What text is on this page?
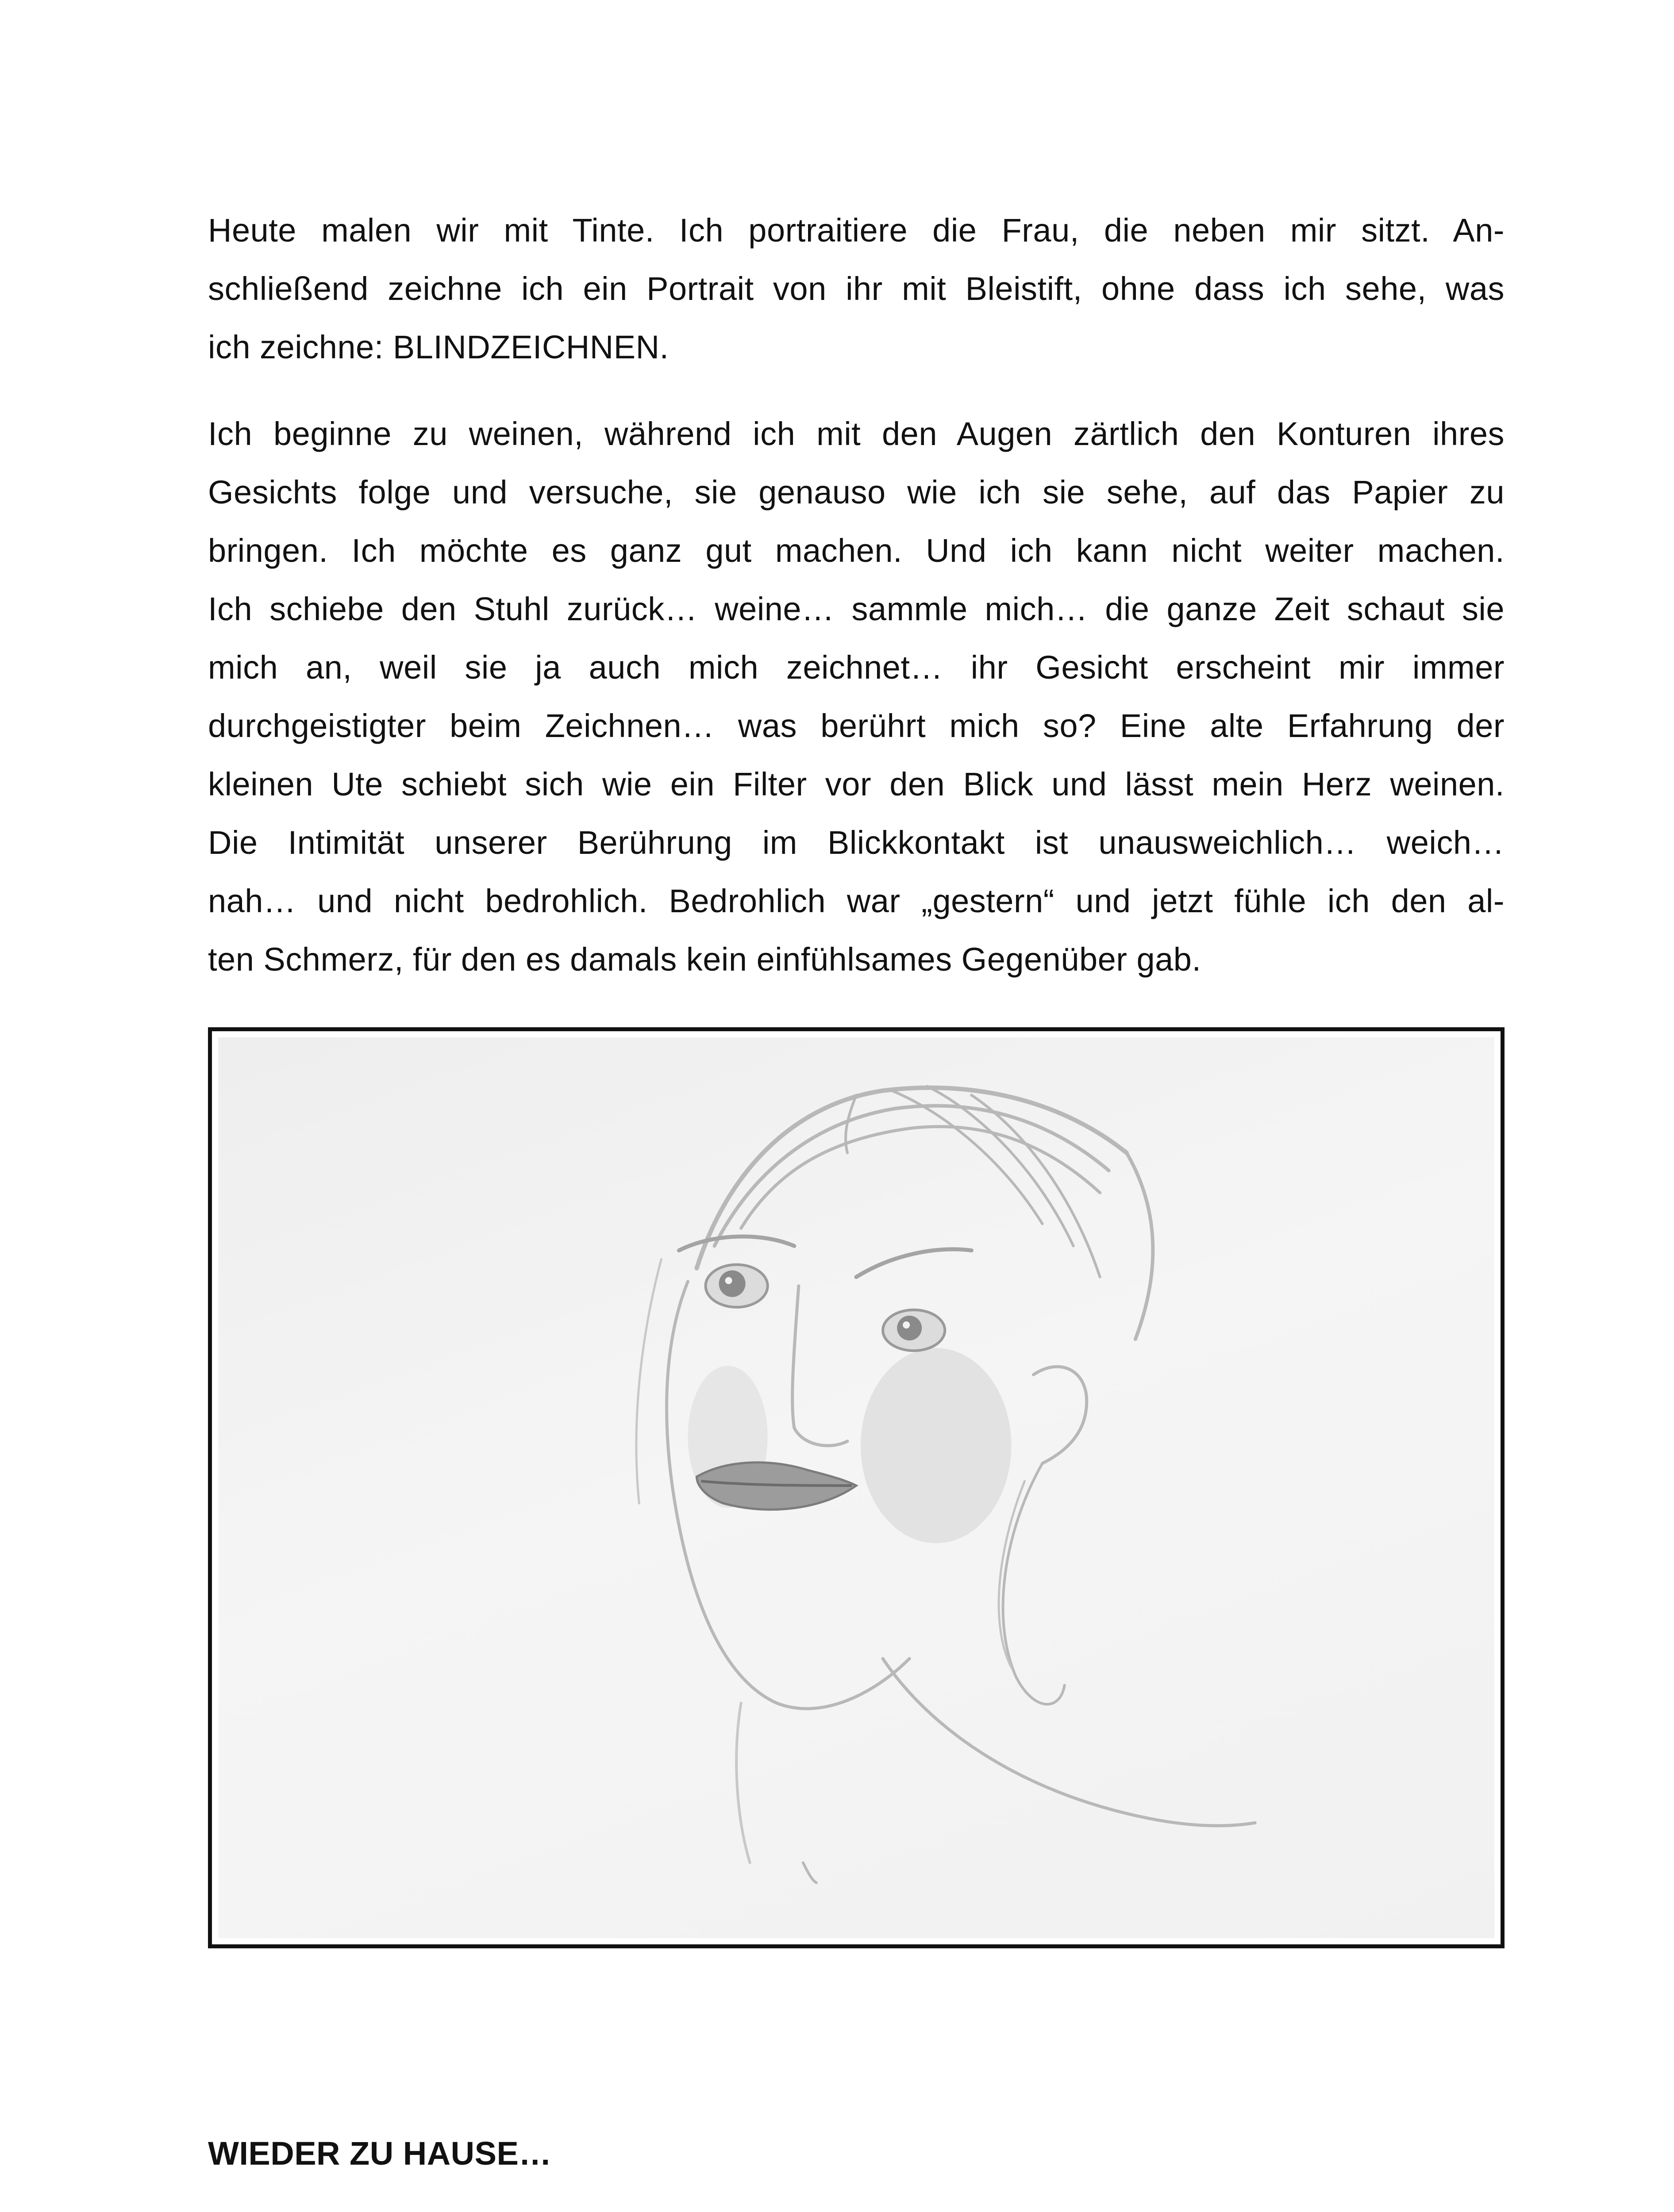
Heute malen wir mit Tinte. Ich portraitiere die Frau, die neben mir sitzt. An-
schließend zeichne ich ein Portrait von ihr mit Bleistift, ohne dass ich sehe, was
ich zeichne: BLINDZEICHNEN.
Ich beginne zu weinen, während ich mit den Augen zärtlich den Konturen ihres
Gesichts folge und versuche, sie genauso wie ich sie sehe, auf das Papier zu
bringen. Ich möchte es ganz gut machen. Und ich kann nicht weiter machen.
Ich schiebe den Stuhl zurück… weine… sammle mich… die ganze Zeit schaut sie
mich an, weil sie ja auch mich zeichnet… ihr Gesicht erscheint mir immer
durchgeistigter beim Zeichnen… was berührt mich so? Eine alte Erfahrung der
kleinen Ute schiebt sich wie ein Filter vor den Blick und lässt mein Herz weinen.
Die Intimität unserer Berührung im Blickkontakt ist unausweichlich… weich…
nah… und nicht bedrohlich. Bedrohlich war „gestern“ und jetzt fühle ich den al-
ten Schmerz, für den es damals kein einfühlsames Gegenüber gab.
WIEDER ZU HAUSE…
